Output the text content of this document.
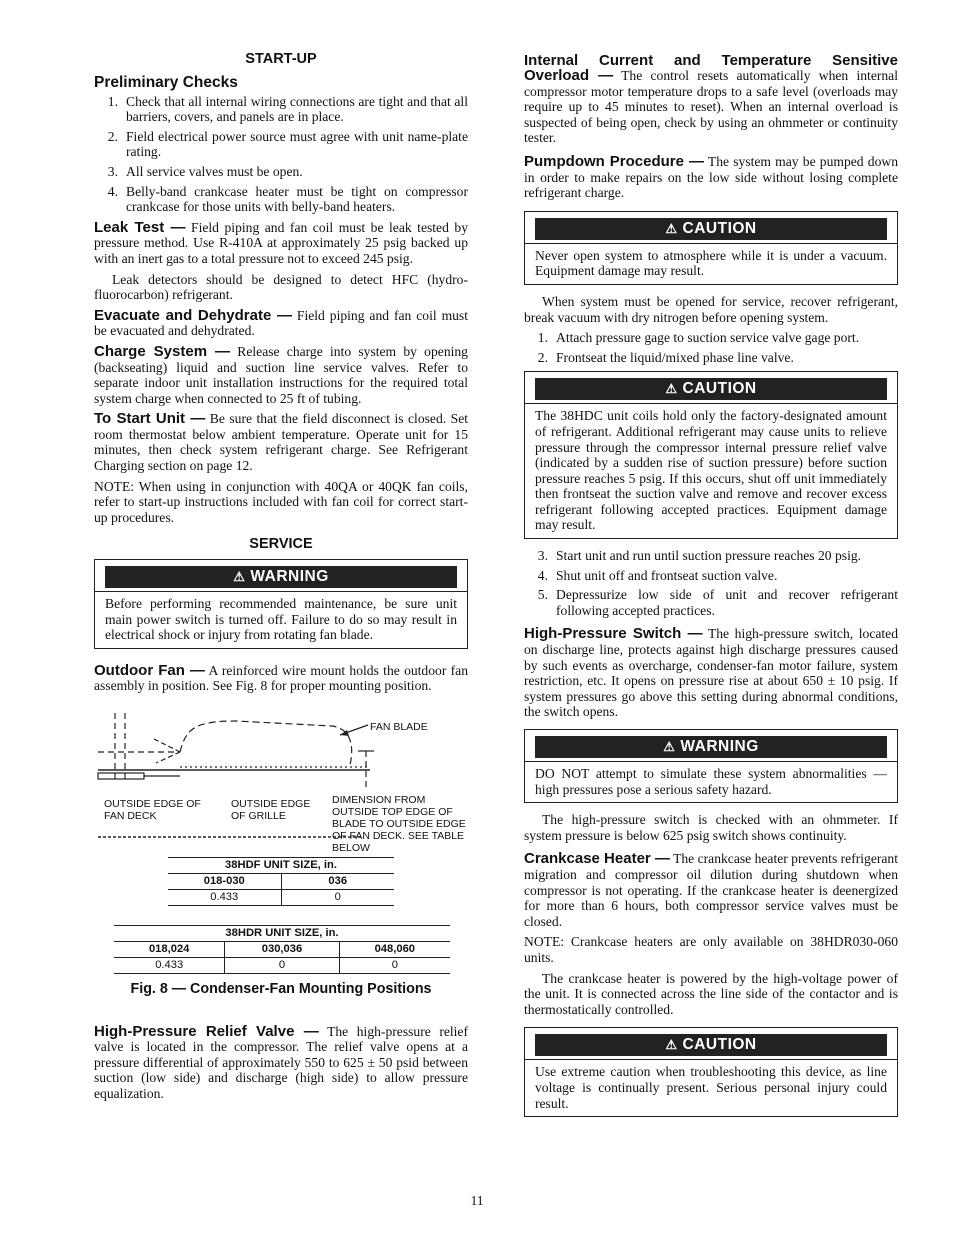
START-UP
Preliminary Checks
1. Check that all internal wiring connections are tight and that all barriers, covers, and panels are in place.
2. Field electrical power source must agree with unit name-plate rating.
3. All service valves must be open.
4. Belly-band crankcase heater must be tight on compressor crankcase for those units with belly-band heaters.

Leak Test — Field piping and fan coil must be leak tested by pressure method. Use R-410A at approximately 25 psig backed up with an inert gas to a total pressure not to exceed 245 psig.

Leak detectors should be designed to detect HFC (hydro-fluorocarbon) refrigerant.

Evacuate and Dehydrate — Field piping and fan coil must be evacuated and dehydrated.

Charge System — Release charge into system by opening (backseating) liquid and suction line service valves. Refer to separate indoor unit installation instructions for the required total system charge when connected to 25 ft of tubing.

To Start Unit — Be sure that the field disconnect is closed. Set room thermostat below ambient temperature. Operate unit for 15 minutes, then check system refrigerant charge. See Refrigerant Charging section on page 12.

NOTE: When using in conjunction with 40QA or 40QK fan coils, refer to start-up instructions included with fan coil for correct start-up procedures.

SERVICE
⚠ WARNING
Before performing recommended maintenance, be sure unit main power switch is turned off. Failure to do so may result in electrical shock or injury from rotating fan blade.

Outdoor Fan — A reinforced wire mount holds the outdoor fan assembly in position. See Fig. 8 for proper mounting position.

FAN BLADE
OUTSIDE EDGE OF FAN DECK
OUTSIDE EDGE OF GRILLE
DIMENSION FROM OUTSIDE TOP EDGE OF BLADE TO OUTSIDE EDGE OF FAN DECK. SEE TABLE BELOW
38HDF UNIT SIZE, in.	
018-030	036
0.433	0
38HDR UNIT SIZE, in.		
018,024	030,036	048,060
0.433	0	0
Fig. 8 — Condenser-Fan Mounting Positions

High-Pressure Relief Valve — The high-pressure relief valve is located in the compressor. The relief valve opens at a pressure differential of approximately 550 to 625 ± 50 psid between suction (low side) and discharge (high side) to allow pressure equalization.

Internal Current and Temperature Sensitive

Overload — The control resets automatically when internal compressor motor temperature drops to a safe level (overloads may require up to 45 minutes to reset). When an internal overload is suspected of being open, check by using an ohmmeter or continuity tester.

Pumpdown Procedure — The system may be pumped down in order to make repairs on the low side without losing complete refrigerant charge.

⚠ CAUTION
Never open system to atmosphere while it is under a vacuum. Equipment damage may result.

When system must be opened for service, recover refrigerant, break vacuum with dry nitrogen before opening system.

1. Attach pressure gage to suction service valve gage port.
2. Frontseat the liquid/mixed phase line valve.
⚠ CAUTION
The 38HDC unit coils hold only the factory-designated amount of refrigerant. Additional refrigerant may cause units to relieve pressure through the compressor internal pressure relief valve (indicated by a sudden rise of suction pressure) before suction pressure reaches 5 psig. If this occurs, shut off unit immediately then frontseat the suction valve and remove and recover excess refrigerant following accepted practices. Equipment damage may result.
3. Start unit and run until suction pressure reaches 20 psig.
4. Shut unit off and frontseat suction valve.
5. Depressurize low side of unit and recover refrigerant following accepted practices.

High-Pressure Switch — The high-pressure switch, located on discharge line, protects against high discharge pressures caused by such events as overcharge, condenser-fan motor failure, system restriction, etc. It opens on pressure rise at about 650 ± 10 psig. If system pressures go above this setting during abnormal conditions, the switch opens.

⚠ WARNING
DO NOT attempt to simulate these system abnormalities — high pressures pose a serious safety hazard.

The high-pressure switch is checked with an ohmmeter. If system pressure is below 625 psig switch shows continuity.

Crankcase Heater — The crankcase heater prevents refrigerant migration and compressor oil dilution during shutdown when compressor is not operating. If the crankcase heater is deenergized for more than 6 hours, both compressor service valves must be closed.

NOTE: Crankcase heaters are only available on 38HDR030-060 units.

The crankcase heater is powered by the high-voltage power of the unit. It is connected across the line side of the contactor and is thermostatically controlled.

⚠ CAUTION
Use extreme caution when troubleshooting this device, as line voltage is continually present. Serious personal injury could result.
11
